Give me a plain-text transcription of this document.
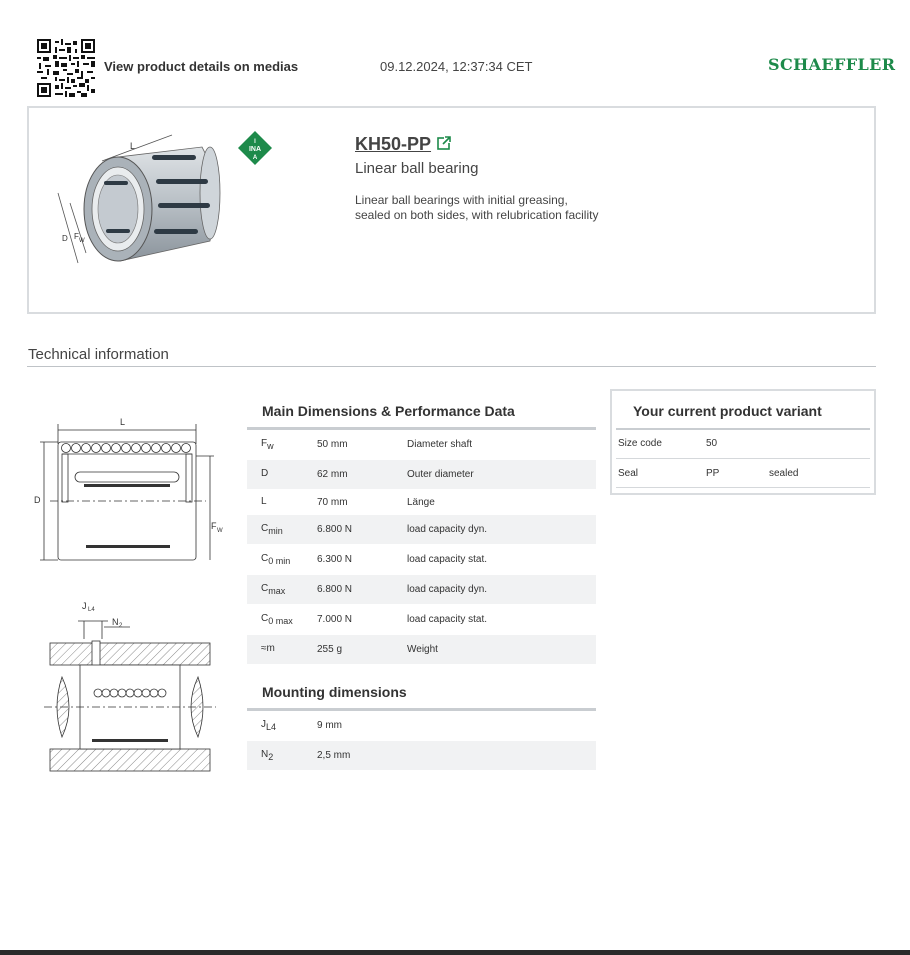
View product details on medias	09.12.2024, 12:37:34 CET	SCHAEFFLER
L
D F W
I
INA
A
KH50-PP
Linear ball bearing
Linear ball bearings with initial greasing,
sealed on both sides, with relubrication facility
Technical information
L
D
F W
J L4
N 2
Main Dimensions & Performance Data
$F_w$	50 mm	Diameter shaft
D	62 mm	Outer diameter
L	70 mm	Länge
$C_{min}$	6.800 N	load capacity dyn.
$C_{0 min}$	6.300 N	load capacity stat.
$C_{max}$	6.800 N	load capacity dyn.
$C_{0 max}$	7.000 N	load capacity stat.
≈m	255 g	Weight
Mounting dimensions
$J_{L4}$	9 mm
$N_2$	2,5 mm
Your current product variant
Size code	50
Seal	PP	sealed
